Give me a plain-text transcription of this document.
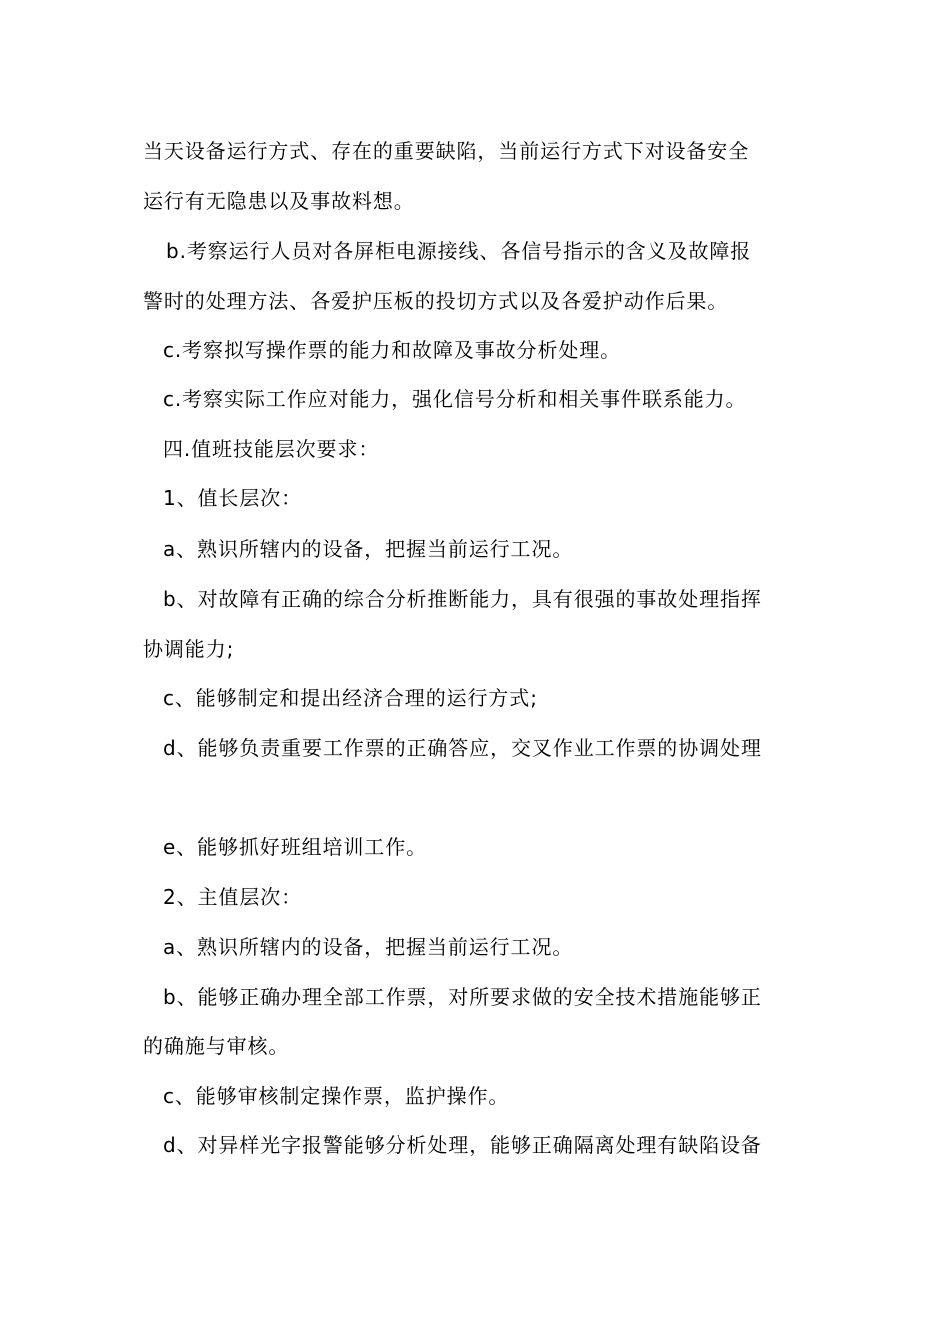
当天设备运行方式、存在的重要缺陷，当前运行方式下对设备安全
运行有无隐患以及事故料想。
b.考察运行人员对各屏柜电源接线、各信号指示的含义及故障报
警时的处理方法、各爱护压板的投切方式以及各爱护动作后果。
c.考察拟写操作票的能力和故障及事故分析处理。
c.考察实际工作应对能力，强化信号分析和相关事件联系能力。
四.值班技能层次要求：
1、值长层次：
a、熟识所辖内的设备，把握当前运行工况。
b、对故障有正确的综合分析推断能力，具有很强的事故处理指挥
协调能力;
c、能够制定和提出经济合理的运行方式;
d、能够负责重要工作票的正确答应，交叉作业工作票的协调处理
e、能够抓好班组培训工作。
2、主值层次：
a、熟识所辖内的设备，把握当前运行工况。
b、能够正确办理全部工作票，对所要求做的安全技术措施能够正
的确施与审核。
c、能够审核制定操作票，监护操作。
d、对异样光字报警能够分析处理，能够正确隔离处理有缺陷设备
